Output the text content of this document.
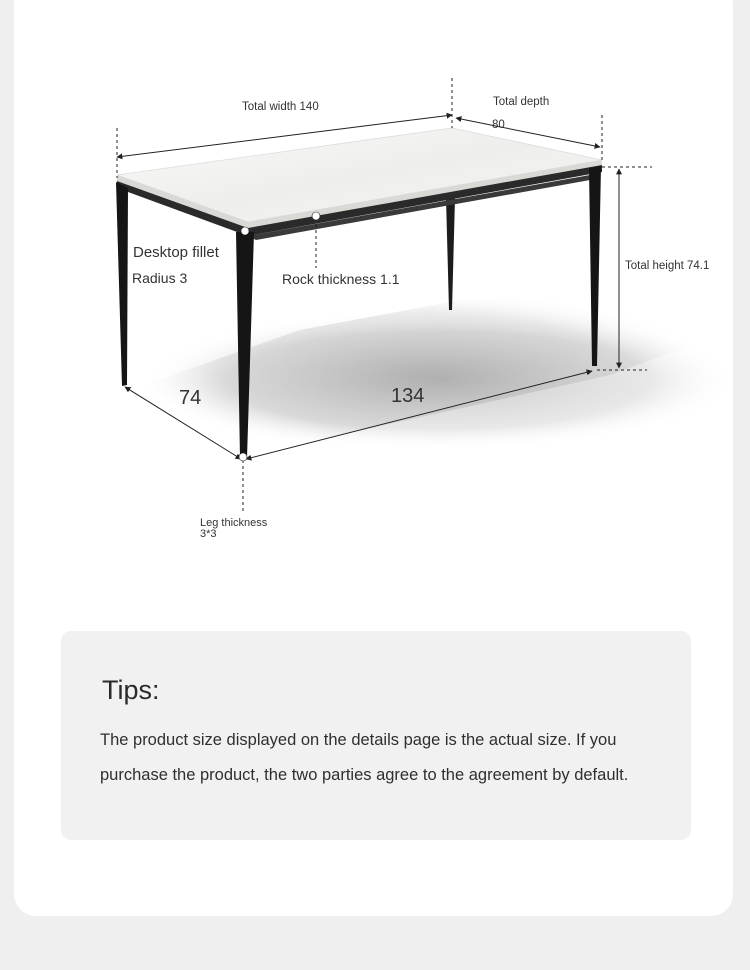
Total width 140	Total depth
80
Total height 74.1
Desktop fillet
Radius 3	Rock thickness 1.1
74	134
Leg thickness
3*3
Tips:
The product size displayed on the details page is the actual size. If you purchase the product, the two parties agree to the agreement by default.
